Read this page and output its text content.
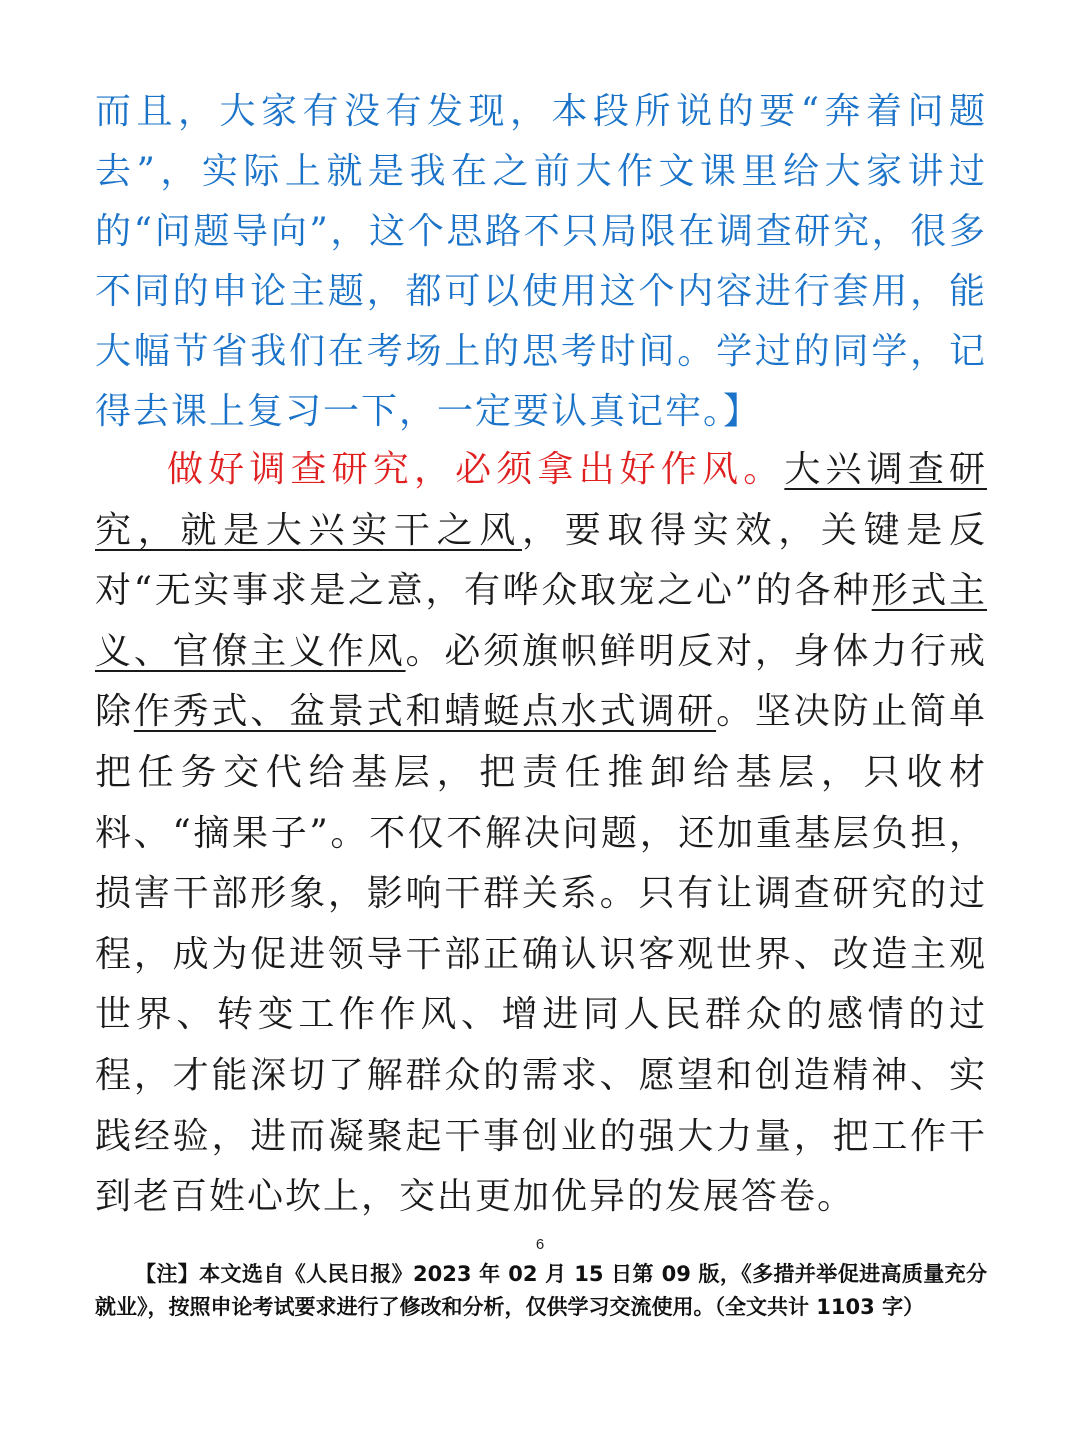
而且，大家有没有发现，本段所说的要“奔着问题去”，实际上就是我在之前大作文课里给大家讲过的“问题导向”，这个思路不只局限在调查研究，很多不同的申论主题，都可以使用这个内容进行套用，能大幅节省我们在考场上的思考时间。学过的同学，记得去课上复习一下，一定要认真记牢。】

做好调查研究，必须拿出好作风。大兴调查研究，就是大兴实干之风，要取得实效，关键是反对“无实事求是之意，有哗众取宠之心”的各种形式主义、官僚主义作风。必须旗帜鲜明反对，身体力行戒除作秀式、盆景式和蜻蜓点水式调研。坚决防止简单把任务交代给基层，把责任推卸给基层，只收材料、“摘果子”。不仅不解决问题，还加重基层负担，损害干部形象，影响干群关系。只有让调查研究的过程，成为促进领导干部正确认识客观世界、改造主观世界、转变工作作风、增进同人民群众的感情的过程，才能深切了解群众的需求、愿望和创造精神、实践经验，进而凝聚起干事创业的强大力量，把工作干到老百姓心坎上，交出更加优异的发展答卷。

6

【注】本文选自《人民日报》2023 年 02 月 15 日第 09 版，《多措并举促进高质量充分就业》，按照申论考试要求进行了修改和分析，仅供学习交流使用。（全文共计 1103 字）
